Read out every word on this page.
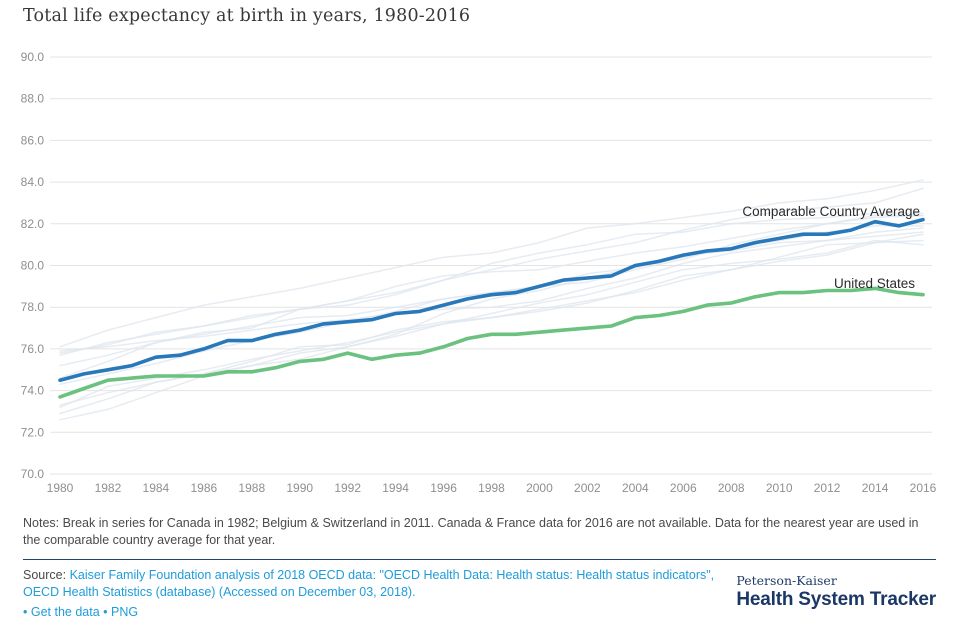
70.0
72.0
74.0
76.0
78.0
80.0
82.0
84.0
86.0
88.0
90.0
1980 1982 1984 1986 1988 1990 1992 1994 1996 1998 2000 2002 2004 2006 2008 2010 2012 2014 2016
Comparable Country Average
United States
Total life expectancy at birth in years, 1980-2016
Notes: Break in series for Canada in 1982; Belgium & Switzerland in 2011. Canada & France data for 2016 are not available. Data for the nearest year are used in the comparable country average for that year.
Source: Kaiser Family Foundation analysis of 2018 OECD data: "OECD Health Data: Health status: Health status indicators", OECD Health Statistics (database) (Accessed on December 03, 2018).
• Get the data • PNG

Peterson-Kaiser

Health System Tracker
